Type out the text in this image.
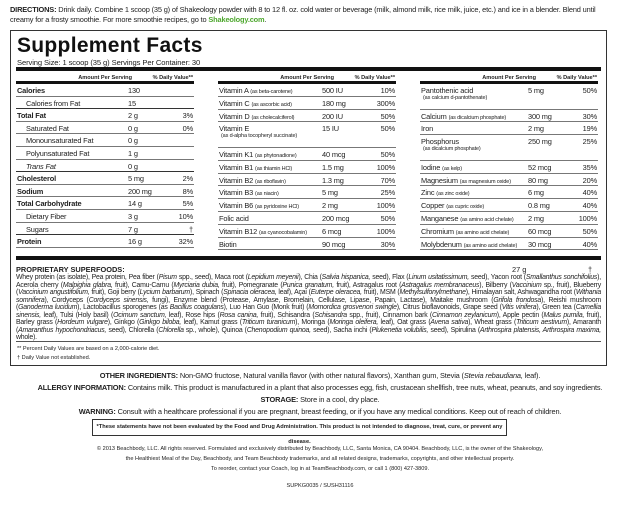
DIRECTIONS: Drink daily. Combine 1 scoop (35 g) of Shakeology powder with 8 to 12 fl. oz. cold water or beverage (milk, almond milk, rice milk, juice, etc.) and ice in a blender. Blend until creamy for a frosty smoothie. For more smoothie recipes, go to Shakeology.com.
Supplement Facts
Serving Size: 1 scoop (35 g) Servings Per Container: 30
Amount Per Serving	% Daily Value**
Calories	130
Calories from Fat	15
Total Fat	2 g	3%
Saturated Fat	0 g	0%
Monounsaturated Fat	0 g
Polyunsaturated Fat	1 g
Trans Fat	0 g
Cholesterol	5 mg	2%
Sodium	200 mg	8%
Total Carbohydrate	14 g	5%
Dietary Fiber	3 g	10%
Sugars	7 g	†
Protein	16 g	32%
Amount Per Serving	% Daily Value**
Vitamin A (as beta-carotene)	500 IU	10%
Vitamin C (as ascorbic acid)	180 mg	300%
Vitamin D (as cholecalciferol)	200 IU	50%
Vitamin E
(as d-alpha tocopheryl succinate)
15 IU	50%
Vitamin K1 (as phytonadione)	40 mcg	50%
Vitamin B1 (as thiamin HCl)	1.5 mg	100%
Vitamin B2 (as riboflavin)	1.3 mg	70%
Vitamin B3 (as niacin)	5 mg	25%
Vitamin B6 (as pyridoxine HCl)	2 mg	100%
Folic acid	200 mcg	50%
Vitamin B12 (as cyanocobalamin) 6 mcg	100%
Biotin	90 mcg	30%
Amount Per Serving	% Daily Value**
Pantothenic acid
(as calcium d-pantothenate)
5 mg	50%
Calcium (as dicalcium phosphate)	300 mg	30%
Iron	2 mg	19%
Phosphorus
(as dicalcium phosphate)
250 mg	25%
Iodine (as kelp)	52 mcg	35%
Magnesium (as magnesium oxide) 80 mg	20%
Zinc (as zinc oxide)	6 mg	40%
Copper (as cupric oxide)	0.8 mg	40%
Manganese (as amino acid chelate) 2 mg	100%
Chromium (as amino acid chelate)	60 mcg	50%
Molybdenum (as amino acid chelate) 30 mcg	40%
PROPRIETARY SUPERFOODS:	27 g	†
Whey protein (as isolate), Pea protein, Pea fiber (Pisum spp., seed), Maca root (Lepidium meyenii), Chia (Salvia hispanica, seed), Flax (Linum usitatissimum, seed), Yacon root (Smallanthus sonchifolius), Acerola cherry (Malpighia glabra, fruit), Camu-Camu (Myrciaria dubia, fruit), Pomegranate (Punica granatum, fruit), Astragalus root (Astragalus membranaceus), Bilberry (Vaccinium sp., fruit), Blueberry (Vaccinium angustifolium, fruit), Goji berry (Lycium barbarum), Spinach (Spinacia oleracea, leaf), Açai (Euterpe oleracea, fruit), MSM (Methylsulfonylmethane), Himalayan salt, Ashwagandha root (Withania somnifera), Cordyceps (Cordyceps sinensis, fungi), Enzyme blend (Protease, Amylase, Bromelain, Cellulase, Lipase, Papain, Lactase), Maitake mushroom (Grifola frondosa), Reishi mushroom (Ganoderma lucidum), Lactobacillus sporogenes (as Bacillus coagulans), Luo Han Guo (Monk fruit) (Momordica grosvenori swingle), Citrus bioflavonoids, Grape seed (Vitis vinifera), Green tea (Camellia sinensis, leaf), Tulsi (Holy basil) (Ocimum sanctum, leaf), Rose hips (Rosa canina, fruit), Schisandra (Schisandra spp., fruit), Cinnamon bark (Cinnamon zeylanicum), Apple pectin (Malus pumila, fruit), Barley grass (Hordeum vulgare), Ginkgo (Ginkgo biloba, leaf), Kamut grass (Triticum turanicum), Moringa (Moringa oleifera, leaf), Oat grass (Avena sativa), Wheat grass (Triticum aestivum), Amaranth (Amaranthus hypochondriacus, seed), Chlorella (Chlorella sp., whole), Quinoa (Chenopodium quinoa, seed), Sacha inchi (Plukenetia volubilis, seed), Spirulina (Arthrospira platensis, Arthrospira maxima, whole).
** Percent Daily Values are based on a 2,000-calorie diet.
† Daily Value not established.
OTHER INGREDIENTS: Non-GMO fructose, Natural vanilla flavor (with other natural flavors), Xanthan gum, Stevia (Stevia rebaudiana, leaf).
ALLERGY INFORMATION: Contains milk. This product is manufactured in a plant that also processes egg, fish, crustacean shellfish, tree nuts, wheat, peanuts, and soy ingredients.
STORAGE: Store in a cool, dry place.
WARNING: Consult with a healthcare professional if you are pregnant, breast feeding, or if you have any medical conditions. Keep out of reach of children.
*These statements have not been evaluated by the Food and Drug Administration. This product is not intended to diagnose, treat, cure, or prevent any disease.
© 2013 Beachbody, LLC. All rights reserved. Formulated and exclusively distributed by Beachbody, LLC, Santa Monica, CA 90404. Beachbody, LLC, is the owner of the Shakeology,
the Healthiest Meal of the Day, Beachbody, and Team Beachbody trademarks, and all related designs, trademarks, copyrights, and other intellectual property.
To reorder, contact your Coach, log in at TeamBeachbody.com, or call 1 (800) 427-3809.
SUPKG0035 / SUSH31116
